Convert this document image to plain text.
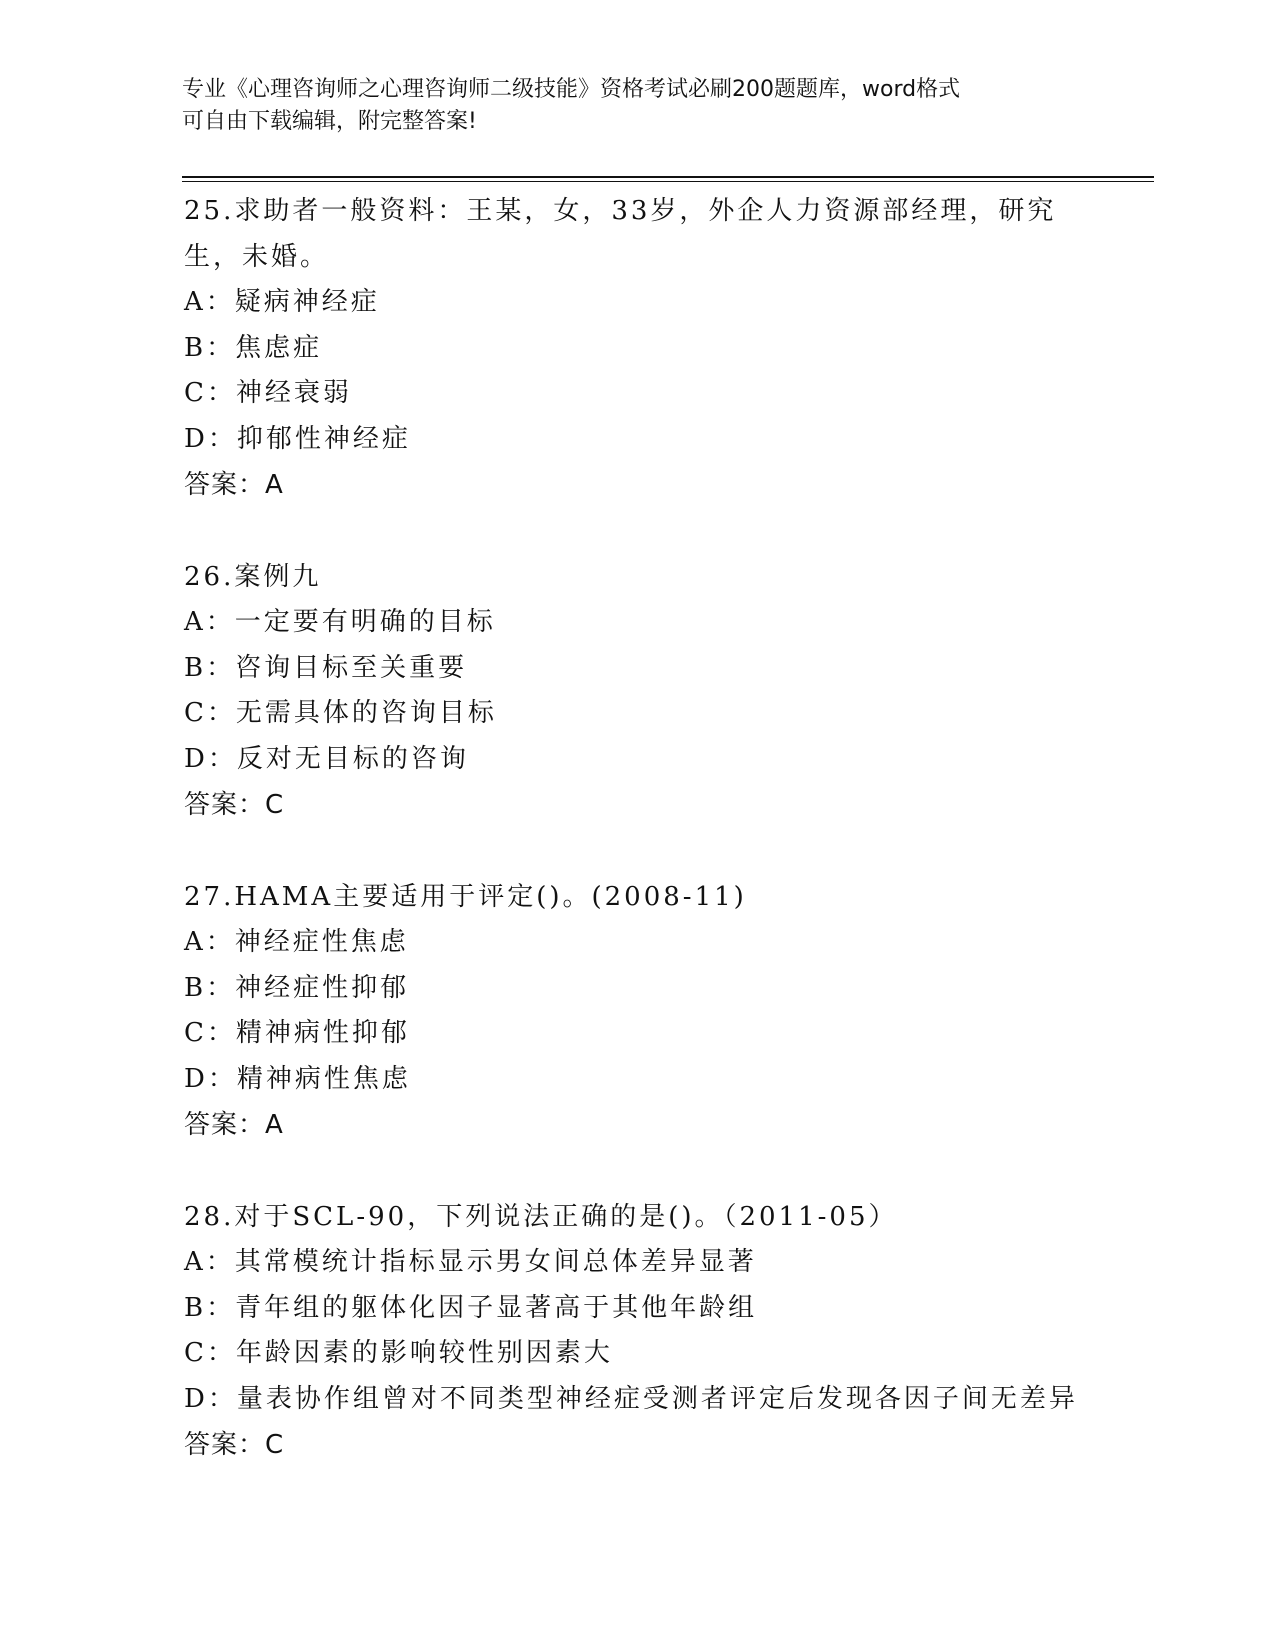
专业《心理咨询师之心理咨询师二级技能》资格考试必刷200题题库，word格式
可自由下载编辑，附完整答案!

25.求助者一般资料：王某，女，33岁，外企人力资源部经理，研究生，未婚。

A：疑病神经症

B：焦虑症

C：神经衰弱

D：抑郁性神经症

答案：A

26.案例九

A：一定要有明确的目标

B：咨询目标至关重要

C：无需具体的咨询目标

D：反对无目标的咨询

答案：C

27.HAMA主要适用于评定()。(2008-11)

A：神经症性焦虑

B：神经症性抑郁

C：精神病性抑郁

D：精神病性焦虑

答案：A

28.对于SCL-90，下列说法正确的是()。（2011-05）

A：其常模统计指标显示男女间总体差异显著

B：青年组的躯体化因子显著高于其他年龄组

C：年龄因素的影响较性别因素大

D：量表协作组曾对不同类型神经症受测者评定后发现各因子间无差异

答案：C
